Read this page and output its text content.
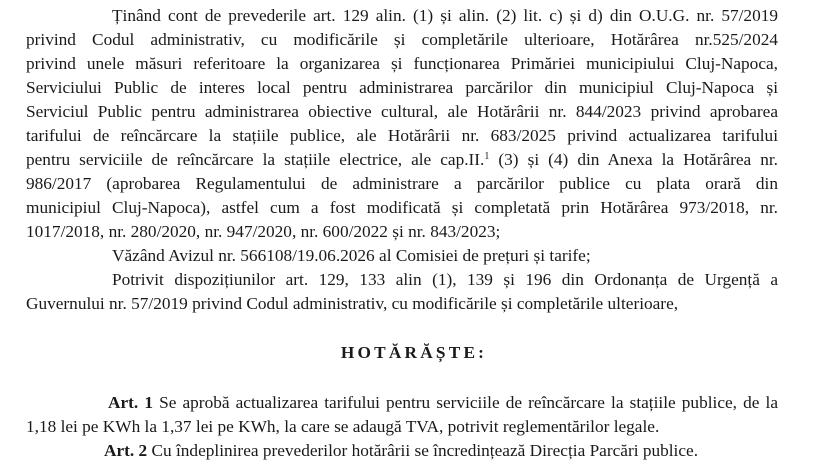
Ținând cont de prevederile art. 129 alin. (1) și alin. (2) lit. c) și d) din O.U.G. nr. 57/2019
privind Codul administrativ, cu modificările și completările ulterioare, Hotărârea nr.525/2024
privind unele măsuri referitoare la organizarea și funcționarea Primăriei municipiului Cluj-Napoca,
Serviciului Public de interes local pentru administrarea parcărilor din municipiul Cluj-Napoca și
Serviciul Public pentru administrarea obiective cultural, ale Hotărârii nr. 844/2023 privind aprobarea
tarifului de reîncărcare la stațiile publice, ale Hotărârii nr. 683/2025 privind actualizarea tarifului
pentru serviciile de reîncărcare la stațiile electrice, ale cap.II.$^1$ (3) și (4) din Anexa la Hotărârea nr.
986/2017 (aprobarea Regulamentului de administrare a parcărilor publice cu plata orară din
municipiul Cluj-Napoca), astfel cum a fost modificată și completată prin Hotărârea 973/2018, nr.
1017/2018, nr. 280/2020, nr. 947/2020, nr. 600/2022 și nr. 843/2023;
Văzând Avizul nr. 566108/19.06.2026 al Comisiei de prețuri și tarife;
Potrivit dispozițiunilor art. 129, 133 alin (1), 139 și 196 din Ordonanța de Urgență a
Guvernului nr. 57/2019 privind Codul administrativ, cu modificările și completările ulterioare,
HOTĂRĂȘTE:
Art. 1 Se aprobă actualizarea tarifului pentru serviciile de reîncărcare la stațiile publice, de la
1,18 lei pe KWh la 1,37 lei pe KWh, la care se adaugă TVA, potrivit reglementărilor legale.
Art. 2 Cu îndeplinirea prevederilor hotărârii se încredințează Direcția Parcări publice.
